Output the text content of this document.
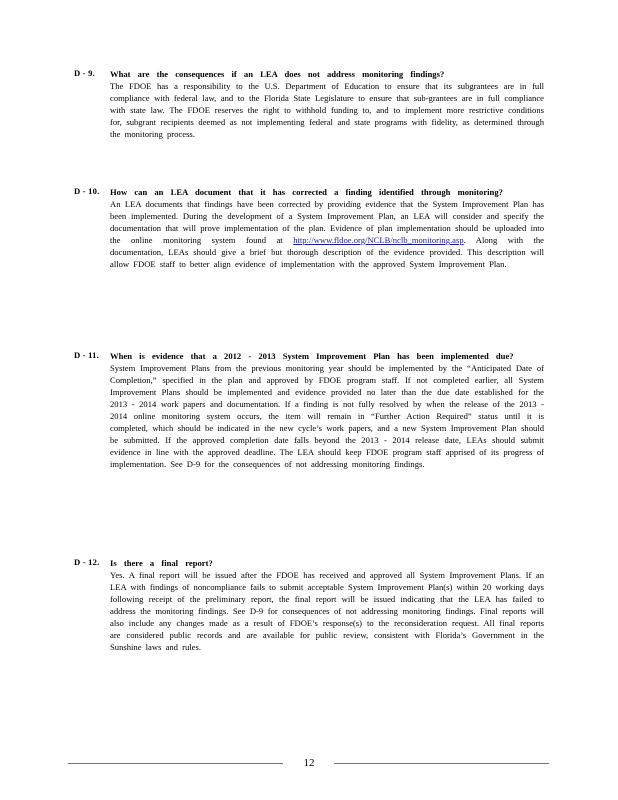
D - 9. What are the consequences if an LEA does not address monitoring findings?
The FDOE has a responsibility to the U.S. Department of Education to ensure that its subgrantees are in full compliance with federal law, and to the Florida State Legislature to ensure that sub-grantees are in full compliance with state law. The FDOE reserves the right to withhold funding to, and to implement more restrictive conditions for, subgrant recipients deemed as not implementing federal and state programs with fidelity, as determined through the monitoring process.
D - 10. How can an LEA document that it has corrected a finding identified through monitoring?
An LEA documents that findings have been corrected by providing evidence that the System Improvement Plan has been implemented. During the development of a System Improvement Plan, an LEA will consider and specify the documentation that will prove implementation of the plan. Evidence of plan implementation should be uploaded into the online monitoring system found at http://www.fldoe.org/NCLB/nclb_monitoring.asp. Along with the documentation, LEAs should give a brief but thorough description of the evidence provided. This description will allow FDOE staff to better align evidence of implementation with the approved System Improvement Plan.
D - 11. When is evidence that a 2012 - 2013 System Improvement Plan has been implemented due?
System Improvement Plans from the previous monitoring year should be implemented by the “Anticipated Date of Completion,” specified in the plan and approved by FDOE program staff. If not completed earlier, all System Improvement Plans should be implemented and evidence provided no later than the due date established for the 2013 - 2014 work papers and documentation. If a finding is not fully resolved by when the release of the 2013 - 2014 online monitoring system occurs, the item will remain in “Further Action Required” status until it is completed, which should be indicated in the new cycle’s work papers, and a new System Improvement Plan should be submitted. If the approved completion date falls beyond the 2013 - 2014 release date, LEAs should submit evidence in line with the approved deadline. The LEA should keep FDOE program staff apprised of its progress of implementation. See D-9 for the consequences of not addressing monitoring findings.
D - 12. Is there a final report?
Yes. A final report will be issued after the FDOE has received and approved all System Improvement Plans. If an LEA with findings of noncompliance fails to submit acceptable System Improvement Plan(s) within 20 working days following receipt of the preliminary report, the final report will be issued indicating that the LEA has failed to address the monitoring findings. See D-9 for consequences of not addressing monitoring findings. Final reports will also include any changes made as a result of FDOE’s response(s) to the reconsideration request. All final reports are considered public records and are available for public review, consistent with Florida’s Government in the Sunshine laws and rules.
12
